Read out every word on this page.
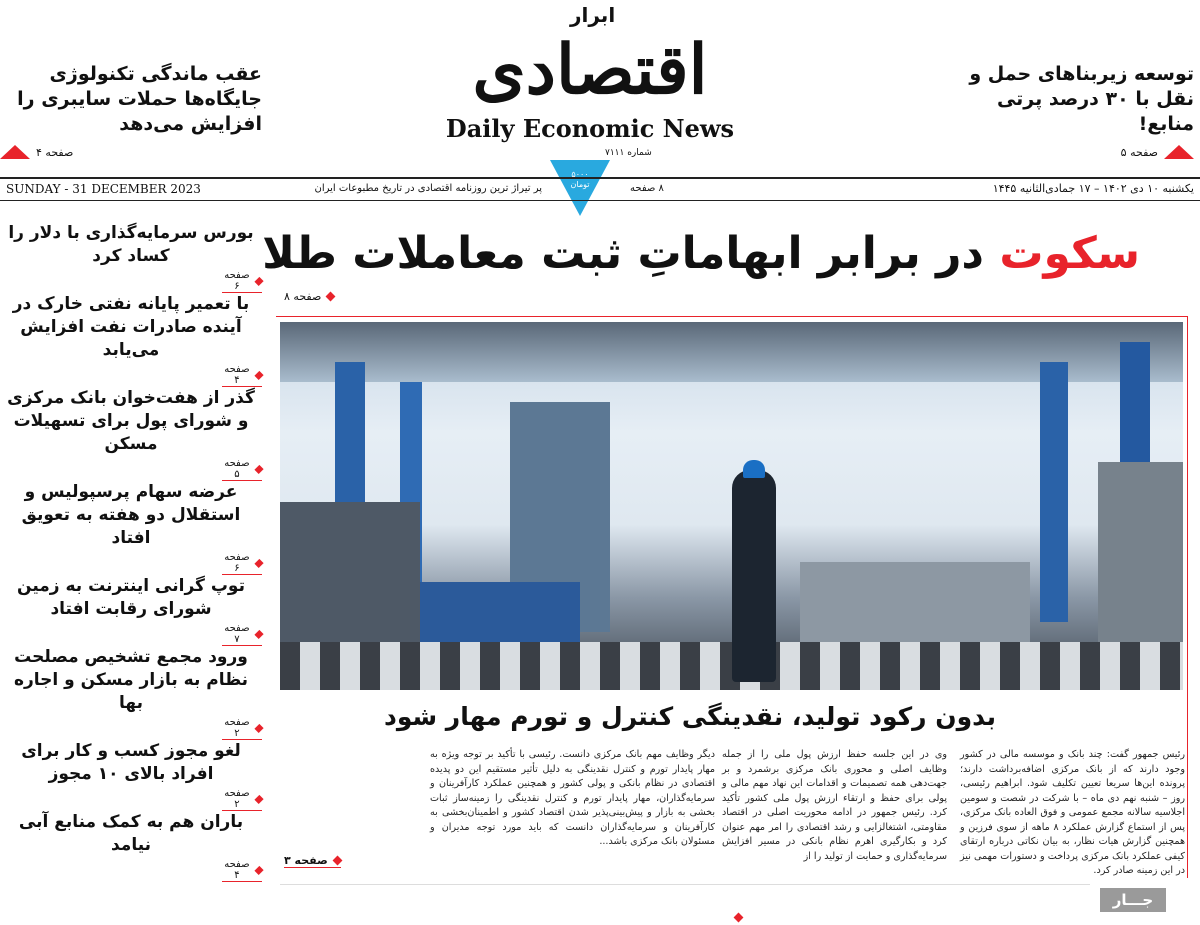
عقب ماندگی تکنولوژی جایگاه‌ها حملات سایبری را افزایش می‌دهد
صفحه ۴
توسعه زیربناهای حمل و نقل با ۳۰ درصد پرتی منابع!
صفحه ۵
ابرار
اقتصادی
Daily Economic News
شماره ۷۱۱۱
۵۰۰۰ تومان
SUNDAY - 31 DECEMBER 2023	پر تیراژ ترین روزنامه اقتصادی در تاریخ مطبوعات ایران	۸ صفحه	یکشنبه ۱۰ دی ۱۴۰۲ – ۱۷ جمادی‌الثانیه ۱۴۴۵
بورس سرمایه‌گذاری با دلار را کساد کرد
صفحه ۶
با تعمیر پایانه نفتی خارک در آینده صادرات نفت افزایش می‌یابد
صفحه ۴
گذر از هفت‌خوان بانک مرکزی و شورای پول برای تسهیلات مسکن
صفحه ۵
عرضه سهام پرسپولیس و استقلال دو هفته به تعویق افتاد
صفحه ۶
توپ گرانی اینترنت به زمین شورای رقابت افتاد
صفحه ۷
ورود مجمع تشخیص مصلحت نظام به بازار مسکن و اجاره بها
صفحه ۲
لغو مجوز کسب و کار برای افراد بالای ۱۰ مجوز
صفحه ۲
باران هم به کمک منابع آبی نیامد
صفحه ۴
سکوت در برابر ابهاماتِ ثبت معاملات طلا
صفحه ۸
بدون رکود تولید، نقدینگی کنترل و تورم مهار شود
رئیس جمهور گفت: چند بانک و موسسه مالی در کشور وجود دارند که از بانک مرکزی اضافه‌برداشت دارند؛ پرونده این‌ها سریعا تعیین تکلیف شود. ابراهیم رئیسی، روز – شنبه نهم دی ماه – با شرکت در شصت و سومین اجلاسیه سالانه مجمع عمومی و فوق العاده بانک مرکزی، پس از استماع گزارش عملکرد ۸ ماهه از سوی فرزین و همچنین گزارش هیات نظار، به بیان نکاتی درباره ارتقای کیفی عملکرد بانک مرکزی پرداخت و دستورات مهمی نیز در این زمینه صادر کرد.
وی در این جلسه حفظ ارزش پول ملی را از جمله وظایف اصلی و محوری بانک مرکزی برشمرد و بر جهت‌دهی همه تصمیمات و اقدامات این نهاد مهم مالی و پولی برای حفظ و ارتقاء ارزش پول ملی کشور تأکید کرد. رئیس جمهور در ادامه محوریت اصلی در اقتصاد مقاومتی، اشتغالزایی و رشد اقتصادی را امر مهم عنوان کرد و بکارگیری اهرم نظام بانکی در مسیر افزایش سرمایه‌گذاری و حمایت از تولید را از
دیگر وظایف مهم بانک مرکزی دانست. رئیسی با تأکید بر توجه ویژه به مهار پایدار تورم و کنترل نقدینگی به دلیل تأثیر مستقیم این دو پدیده اقتصادی در نظام بانکی و پولی کشور و همچنین عملکرد کارآفرینان و سرمایه‌گذاران، مهار پایدار تورم و کنترل نقدینگی را زمینه‌ساز ثبات بخشی به بازار و پیش‌بینی‌پذیر شدن اقتصاد کشور و اطمینان‌بخشی به کارآفرینان و سرمایه‌گذاران دانست که باید مورد توجه مدیران و مسئولان بانک مرکزی باشد...
صفحه ۳
جـــار
